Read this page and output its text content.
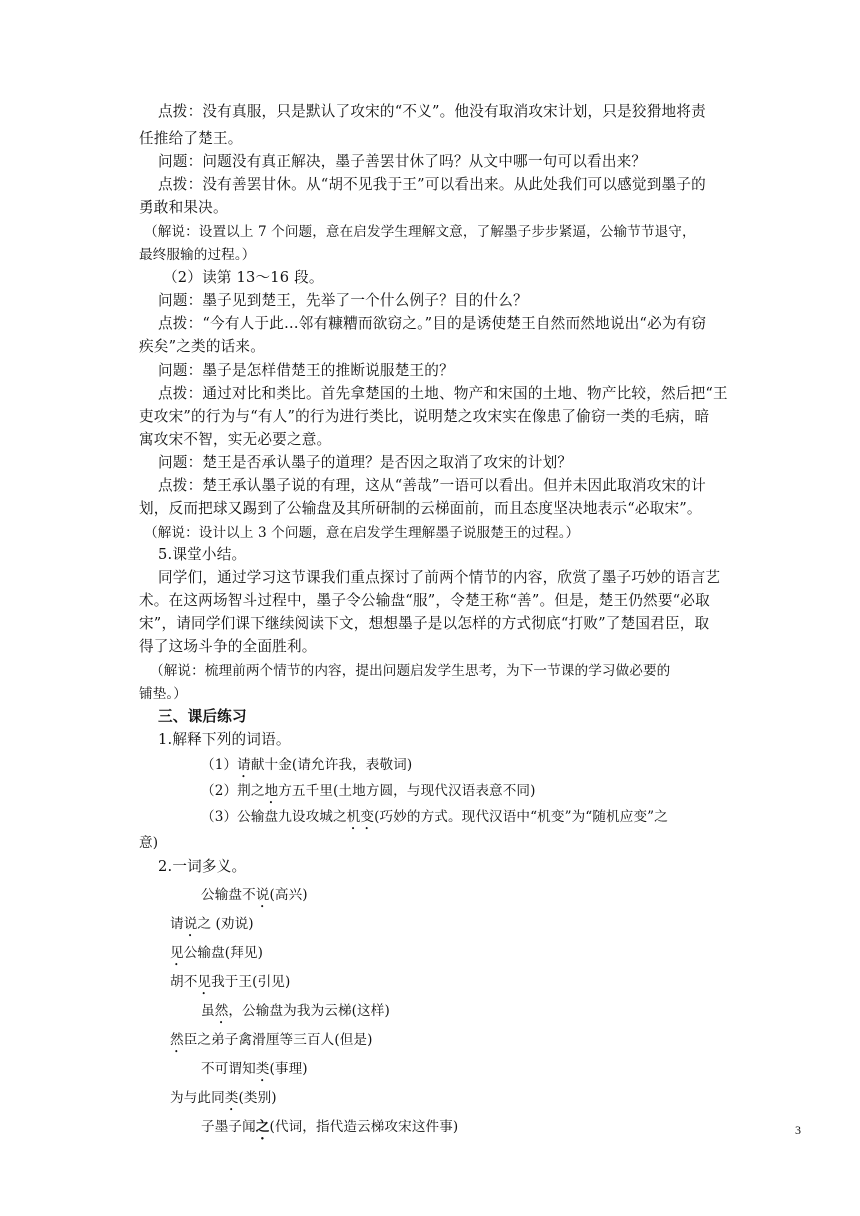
点拨：没有真服，只是默认了攻宋的“不义”。他没有取消攻宋计划，只是狡猾地将责
任推给了楚王。
问题：问题没有真正解决，墨子善罢甘休了吗？从文中哪一句可以看出来？
点拨：没有善罢甘休。从“胡不见我于王”可以看出来。从此处我们可以感觉到墨子的
勇敢和果决。
（解说：设置以上 7 个问题，意在启发学生理解文意，了解墨子步步紧逼，公输节节退守，
最终服输的过程。）
（2）读第 13～16 段。
问题：墨子见到楚王，先举了一个什么例子？目的什么？
点拨：“今有人于此…邻有糠糟而欲窃之。”目的是诱使楚王自然而然地说出“必为有窃
疾矣”之类的话来。
问题：墨子是怎样借楚王的推断说服楚王的？
点拨：通过对比和类比。首先拿楚国的土地、物产和宋国的土地、物产比较，然后把“王
吏攻宋”的行为与“有人”的行为进行类比，说明楚之攻宋实在像患了偷窃一类的毛病，暗
寓攻宋不智，实无必要之意。
问题：楚王是否承认墨子的道理？是否因之取消了攻宋的计划？
点拨：楚王承认墨子说的有理，这从“善哉”一语可以看出。但并未因此取消攻宋的计
划，反而把球又踢到了公输盘及其所研制的云梯面前，而且态度坚决地表示“必取宋”。
（解说：设计以上 3 个问题，意在启发学生理解墨子说服楚王的过程。）
5.课堂小结。
同学们，通过学习这节课我们重点探讨了前两个情节的内容，欣赏了墨子巧妙的语言艺
术。在这两场智斗过程中，墨子令公输盘“服”，令楚王称“善”。但是，楚王仍然要“必取
宋”，请同学们课下继续阅读下文，想想墨子是以怎样的方式彻底“打败”了楚国君臣，取
得了这场斗争的全面胜利。
（解说：梳理前两个情节的内容，提出问题启发学生思考，为下一节课的学习做必要的
铺垫。）
三、课后练习
1.解释下列的词语。
（1）请献十金(请允许我，表敬词)
（2）荆之地方五千里(土地方圆，与现代汉语表意不同)
（3）公输盘九设攻城之机变(巧妙的方式。现代汉语中“机变”为“随机应变”之
意)
2.一词多义。
公输盘不说(高兴)
请说之 (劝说)
见公输盘(拜见)
胡不见我于王(引见)
虽然，公输盘为我为云梯(这样)
然臣之弟子禽滑厘等三百人(但是)
不可谓知类(事理)
为与此同类(类别)
子墨子闻之(代词，指代造云梯攻宋这件事)	3
